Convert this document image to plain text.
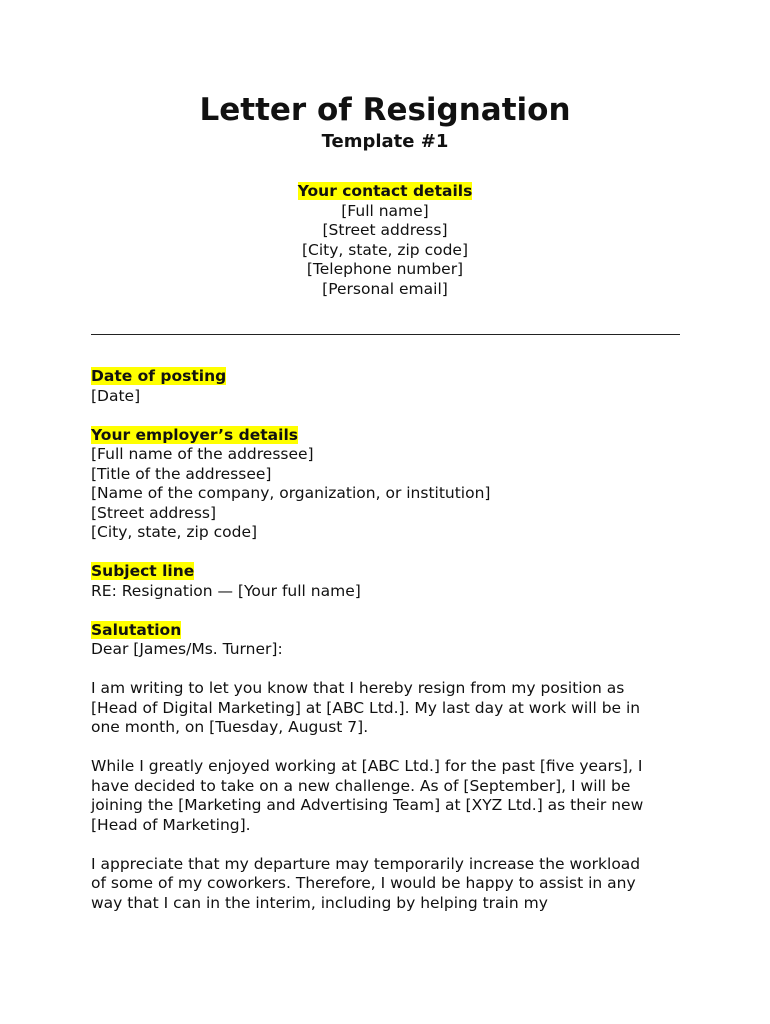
Letter of Resignation
Template #1
Your contact details
[Full name]
[Street address]
[City, state, zip code]
[Telephone number]
[Personal email]
Date of posting
[Date]
Your employer’s details
[Full name of the addressee]
[Title of the addressee]
[Name of the company, organization, or institution]
[Street address]
[City, state, zip code]
Subject line
RE: Resignation — [Your full name]
Salutation
Dear [James/Ms. Turner]:
I am writing to let you know that I hereby resign from my position as
[Head of Digital Marketing] at [ABC Ltd.]. My last day at work will be in
one month, on [Tuesday, August 7].
While I greatly enjoyed working at [ABC Ltd.] for the past [five years], I
have decided to take on a new challenge. As of [September], I will be
joining the [Marketing and Advertising Team] at [XYZ Ltd.] as their new
[Head of Marketing].
I appreciate that my departure may temporarily increase the workload
of some of my coworkers. Therefore, I would be happy to assist in any
way that I can in the interim, including by helping train my
